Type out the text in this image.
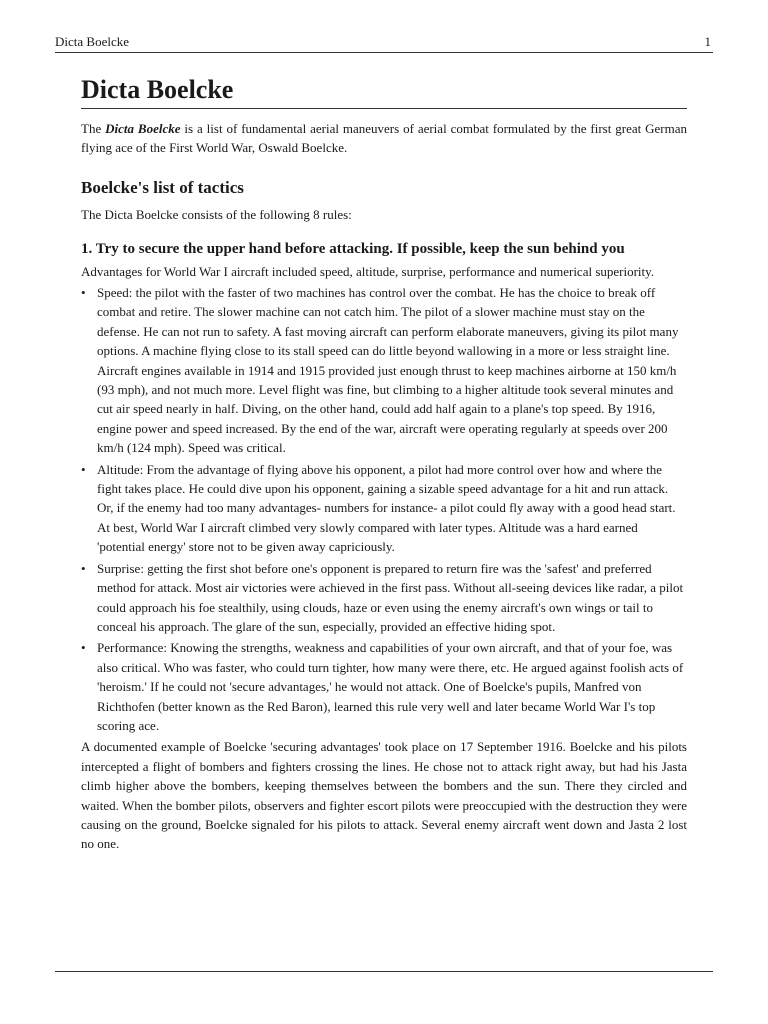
Dicta Boelcke	1
Dicta Boelcke

The Dicta Boelcke is a list of fundamental aerial maneuvers of aerial combat formulated by the first great German flying ace of the First World War, Oswald Boelcke.

Boelcke's list of tactics

The Dicta Boelcke consists of the following 8 rules:

1. Try to secure the upper hand before attacking. If possible, keep the sun behind you

Advantages for World War I aircraft included speed, altitude, surprise, performance and numerical superiority.

• Speed: the pilot with the faster of two machines has control over the combat. He has the choice to break off combat and retire. The slower machine can not catch him. The pilot of a slower machine must stay on the defense. He can not run to safety. A fast moving aircraft can perform elaborate maneuvers, giving its pilot many options. A machine flying close to its stall speed can do little beyond wallowing in a more or less straight line. Aircraft engines available in 1914 and 1915 provided just enough thrust to keep machines airborne at 150 km/h (93 mph), and not much more. Level flight was fine, but climbing to a higher altitude took several minutes and cut air speed nearly in half. Diving, on the other hand, could add half again to a plane's top speed. By 1916, engine power and speed increased. By the end of the war, aircraft were operating regularly at speeds over 200 km/h (124 mph). Speed was critical.
• Altitude: From the advantage of flying above his opponent, a pilot had more control over how and where the fight takes place. He could dive upon his opponent, gaining a sizable speed advantage for a hit and run attack. Or, if the enemy had too many advantages- numbers for instance- a pilot could fly away with a good head start. At best, World War I aircraft climbed very slowly compared with later types. Altitude was a hard earned 'potential energy' store not to be given away capriciously.
• Surprise: getting the first shot before one's opponent is prepared to return fire was the 'safest' and preferred method for attack. Most air victories were achieved in the first pass. Without all-seeing devices like radar, a pilot could approach his foe stealthily, using clouds, haze or even using the enemy aircraft's own wings or tail to conceal his approach. The glare of the sun, especially, provided an effective hiding spot.
• Performance: Knowing the strengths, weakness and capabilities of your own aircraft, and that of your foe, was also critical. Who was faster, who could turn tighter, how many were there, etc. He argued against foolish acts of 'heroism.' If he could not 'secure advantages,' he would not attack. One of Boelcke's pupils, Manfred von Richthofen (better known as the Red Baron), learned this rule very well and later became World War I's top scoring ace.

A documented example of Boelcke 'securing advantages' took place on 17 September 1916. Boelcke and his pilots intercepted a flight of bombers and fighters crossing the lines. He chose not to attack right away, but had his Jasta climb higher above the bombers, keeping themselves between the bombers and the sun. There they circled and waited. When the bomber pilots, observers and fighter escort pilots were preoccupied with the destruction they were causing on the ground, Boelcke signaled for his pilots to attack. Several enemy aircraft went down and Jasta 2 lost no one.
